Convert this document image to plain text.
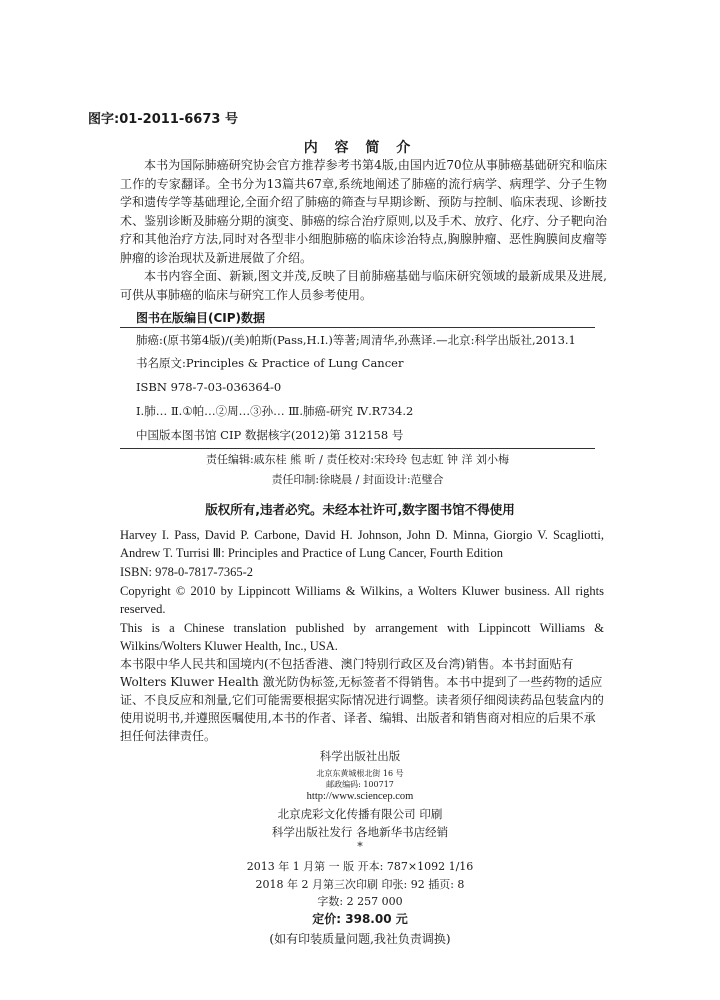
图字:01-2011-6673 号
内 容 简 介
本书为国际肺癌研究协会官方推荐参考书第4版,由国内近70位从事肺癌基础研究和临床工作的专家翻译。全书分为13篇共67章,系统地阐述了肺癌的流行病学、病理学、分子生物学和遗传学等基础理论,全面介绍了肺癌的筛查与早期诊断、预防与控制、临床表现、诊断技术、鉴别诊断及肺癌分期的演变、肺癌的综合治疗原则,以及手术、放疗、化疗、分子靶向治疗和其他治疗方法,同时对各型非小细胞肺癌的临床诊治特点,胸腺肿瘤、恶性胸膜间皮瘤等肿瘤的诊治现状及新进展做了介绍。
本书内容全面、新颖,图文并茂,反映了目前肺癌基础与临床研究领域的最新成果及进展,可供从事肺癌的临床与研究工作人员参考使用。
图书在版编目(CIP)数据
肺癌:(原书第4版)/(美)帕斯(Pass,H.I.)等著;周清华,孙燕译.—北京:科学出版社,2013.1
书名原文:Principles & Practice of Lung Cancer
ISBN 978-7-03-036364-0
Ⅰ.肺… Ⅱ.①帕…②周…③孙… Ⅲ.肺癌-研究 Ⅳ.R734.2
中国版本图书馆 CIP 数据核字(2012)第 312158 号
责任编辑:戚东桂 熊 昕 / 责任校对:宋玲玲 包志虹 钟 洋 刘小梅
责任印制:徐晓晨 / 封面设计:范璧合
版权所有,违者必究。未经本社许可,数字图书馆不得使用
Harvey I. Pass, David P. Carbone, David H. Johnson, John D. Minna, Giorgio V. Scagliotti, Andrew T. Turrisi Ⅲ: Principles and Practice of Lung Cancer, Fourth Edition
ISBN: 978-0-7817-7365-2
Copyright © 2010 by Lippincott Williams & Wilkins, a Wolters Kluwer business. All rights reserved.
This is a Chinese translation published by arrangement with Lippincott Williams & Wilkins/Wolters Kluwer Health, Inc., USA.
本书限中华人民共和国境内(不包括香港、澳门特别行政区及台湾)销售。本书封面贴有 Wolters Kluwer Health 激光防伪标签,无标签者不得销售。本书中提到了一些药物的适应证、不良反应和剂量,它们可能需要根据实际情况进行调整。读者须仔细阅读药品包装盒内的使用说明书,并遵照医嘱使用,本书的作者、译者、编辑、出版者和销售商对相应的后果不承担任何法律责任。
科学出版社出版
北京东黄城根北街 16 号
邮政编码: 100717
http://www.sciencep.com
北京虎彩文化传播有限公司 印刷
科学出版社发行 各地新华书店经销
*
2013 年 1 月第 一 版 开本: 787×1092 1/16
2018 年 2 月第三次印刷 印张: 92 插页: 8
字数: 2 257 000
定价: 398.00 元
(如有印装质量问题,我社负责调换)
